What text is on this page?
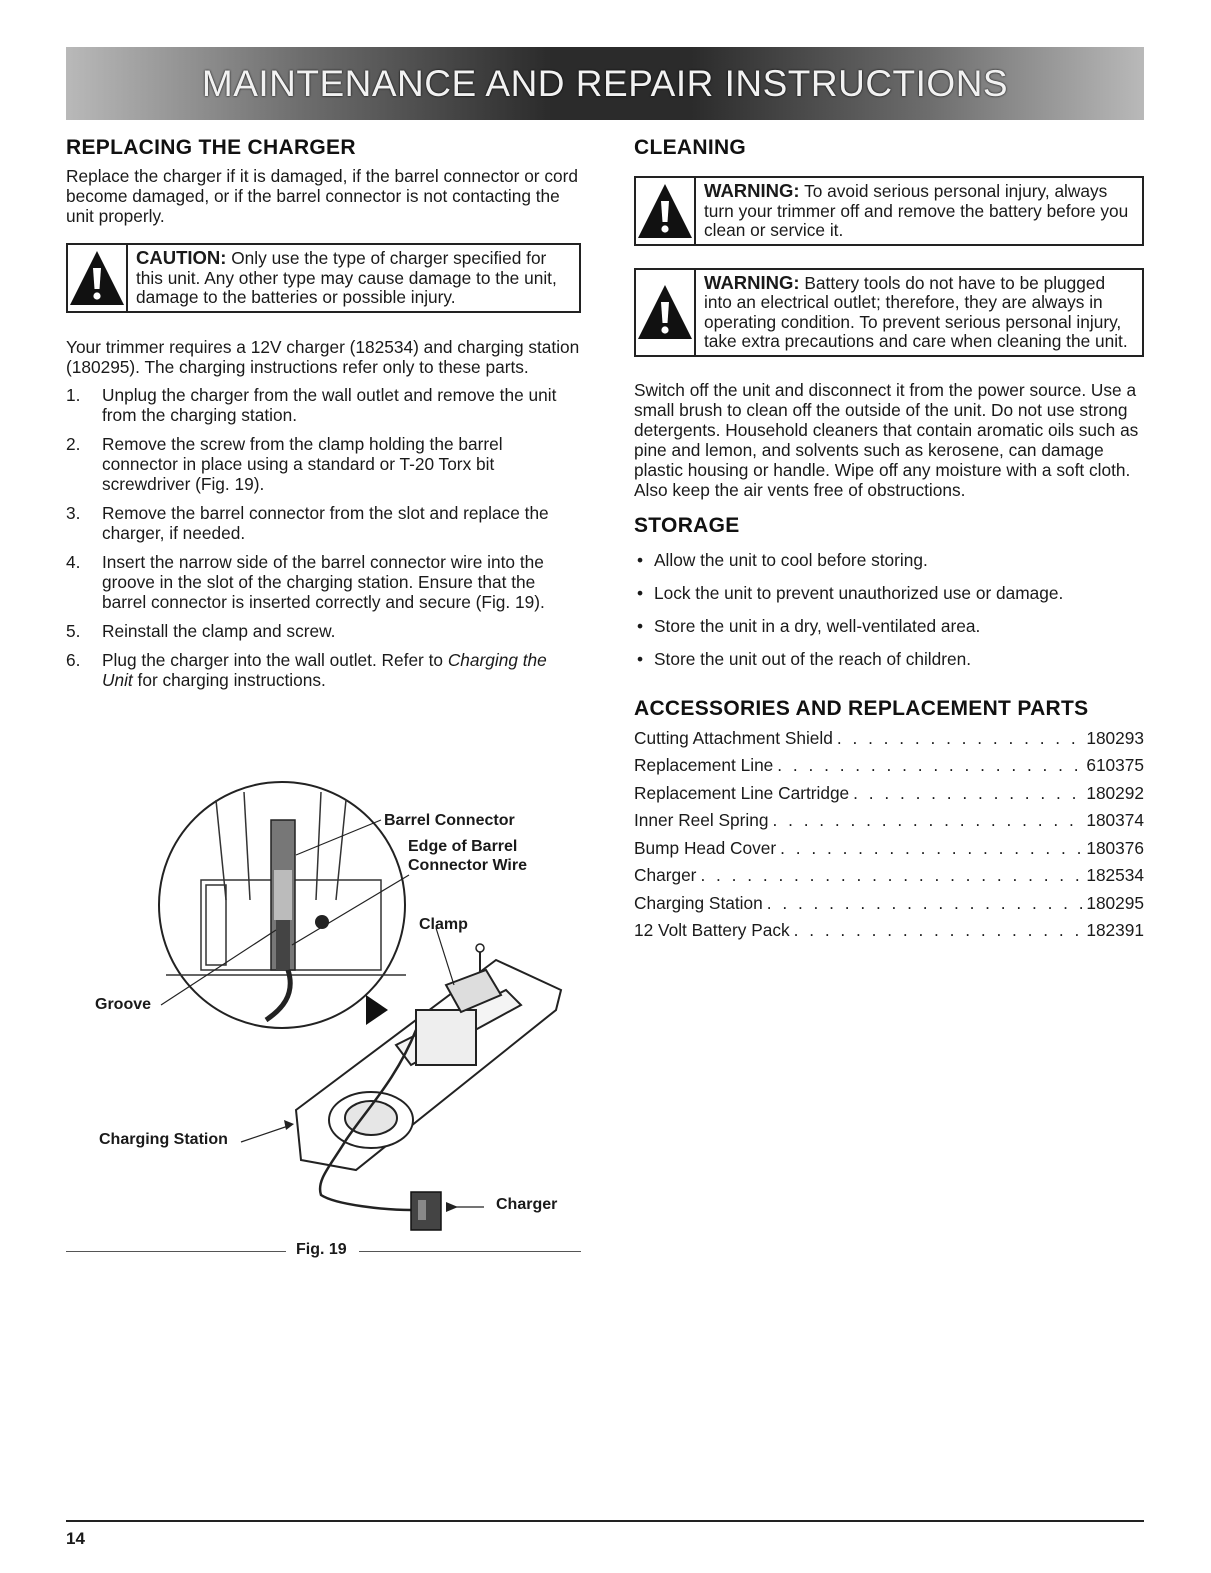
MAINTENANCE AND REPAIR INSTRUCTIONS
REPLACING THE CHARGER

Replace the charger if it is damaged, if the barrel connector or cord become damaged, or if the barrel connector is not contacting the unit properly.

CAUTION: Only use the type of charger specified for this unit. Any other type may cause damage to the unit, damage to the batteries or possible injury.

Your trimmer requires a 12V charger (182534) and charging station (180295). The charging instructions refer only to these parts.

1.	Unplug the charger from the wall outlet and remove the unit from the charging station.
2.	Remove the screw from the clamp holding the barrel connector in place using a standard or T-20 Torx bit screwdriver (Fig. 19).
3.	Remove the barrel connector from the slot and replace the charger, if needed.
4.	Insert the narrow side of the barrel connector wire into the groove in the slot of the charging station. Ensure that the barrel connector is inserted correctly and secure (Fig. 19).
5.	Reinstall the clamp and screw.
6.	Plug the charger into the wall outlet. Refer to Charging the Unit for charging instructions.
Barrel Connector
Edge of Barrel
Connector Wire
Clamp
Groove
Charging Station
Charger
Fig. 19
CLEANING
WARNING: To avoid serious personal injury, always turn your trimmer off and remove the battery before you clean or service it.
WARNING: Battery tools do not have to be plugged into an electrical outlet; therefore, they are always in operating condition. To prevent serious personal injury, take extra precautions and care when cleaning the unit.

Switch off the unit and disconnect it from the power source. Use a small brush to clean off the outside of the unit. Do not use strong detergents. Household cleaners that contain aromatic oils such as pine and lemon, and solvents such as kerosene, can damage plastic housing or handle. Wipe off any moisture with a soft cloth. Also keep the air vents free of obstructions.

STORAGE
• Allow the unit to cool before storing.
• Lock the unit to prevent unauthorized use or damage.
• Store the unit in a dry, well-ventilated area.
• Store the unit out of the reach of children.
ACCESSORIES AND REPLACEMENT PARTS
Cutting Attachment Shield . . .	180293
Replacement Line . . .	610375
Replacement Line Cartridge . . .	180292
Inner Reel Spring . . .	180374
Bump Head Cover . . .	180376
Charger . . .	182534
Charging Station . . .	180295
12 Volt Battery Pack . . .	182391
14
